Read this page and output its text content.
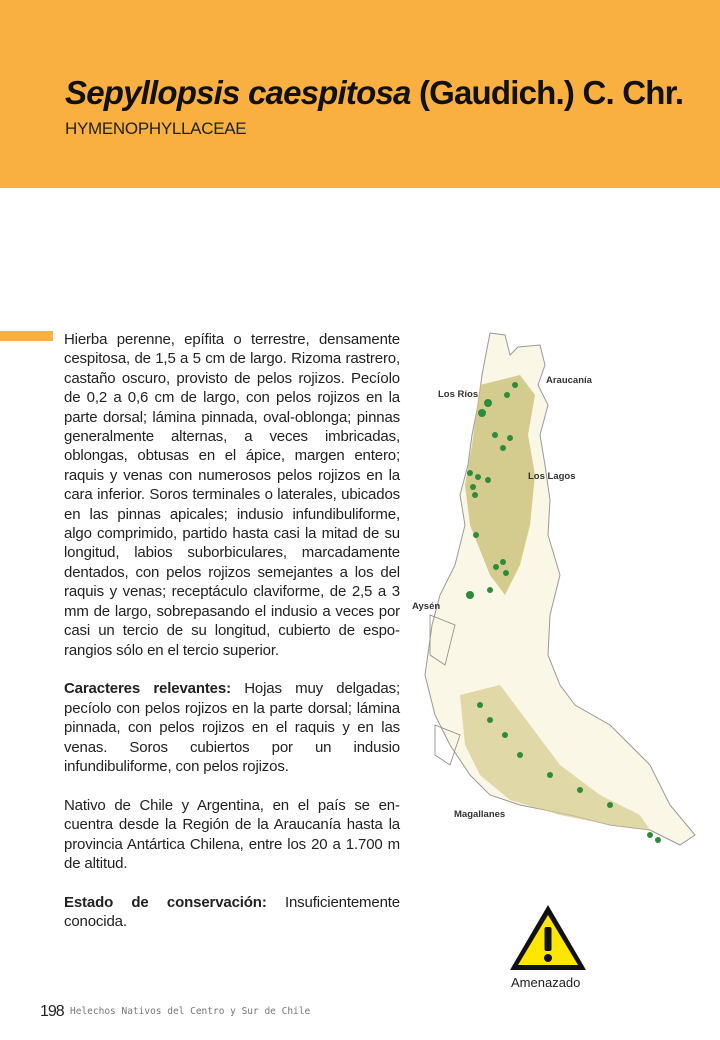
Sepyllopsis caespitosa (Gaudich.) C. Chr.
HYMENOPHYLLACEAE

Hierba perenne, epífita o terrestre, densamente cespitosa, de 1,5 a 5 cm de largo. Rizoma rastrero, castaño oscuro, provisto de pelos rojizos. Pecíolo de 0,2 a 0,6 cm de largo, con pelos rojizos en la parte dorsal; lámina pinnada, oval-oblonga; pinnas generalmente alternas, a veces imbricadas, oblongas, obtusas en el ápice, margen entero; raquis y venas con numerosos pelos rojizos en la cara inferior. Soros terminales o laterales, ubicados en las pinnas apicales; indusio infundibuliforme, algo comprimido, partido hasta casi la mitad de su longitud, labios suborbiculares, marcadamente dentados, con pelos rojizos semejantes a los del raquis y venas; receptáculo claviforme, de 2,5 a 3 mm de largo, sobrepasando el indusio a veces por casi un tercio de su longitud, cubierto de esporangios sólo en el tercio superior.

Caracteres relevantes: Hojas muy delgadas; pecíolo con pelos rojizos en la parte dorsal; lámina pinnada, con pelos rojizos en el raquis y en las venas. Soros cubiertos por un indusio infundibuliforme, con pelos rojizos.

Nativo de Chile y Argentina, en el país se encuentra desde la Región de la Araucanía hasta la provincia Antártica Chilena, entre los 20 a 1.700 m de altitud.

Estado de conservación: Insuficientemente conocida.

Araucanía
Los Ríos
Los Lagos
Aysén
Magallanes
Amenazado
198 Helechos Nativos del Centro y Sur de Chile
